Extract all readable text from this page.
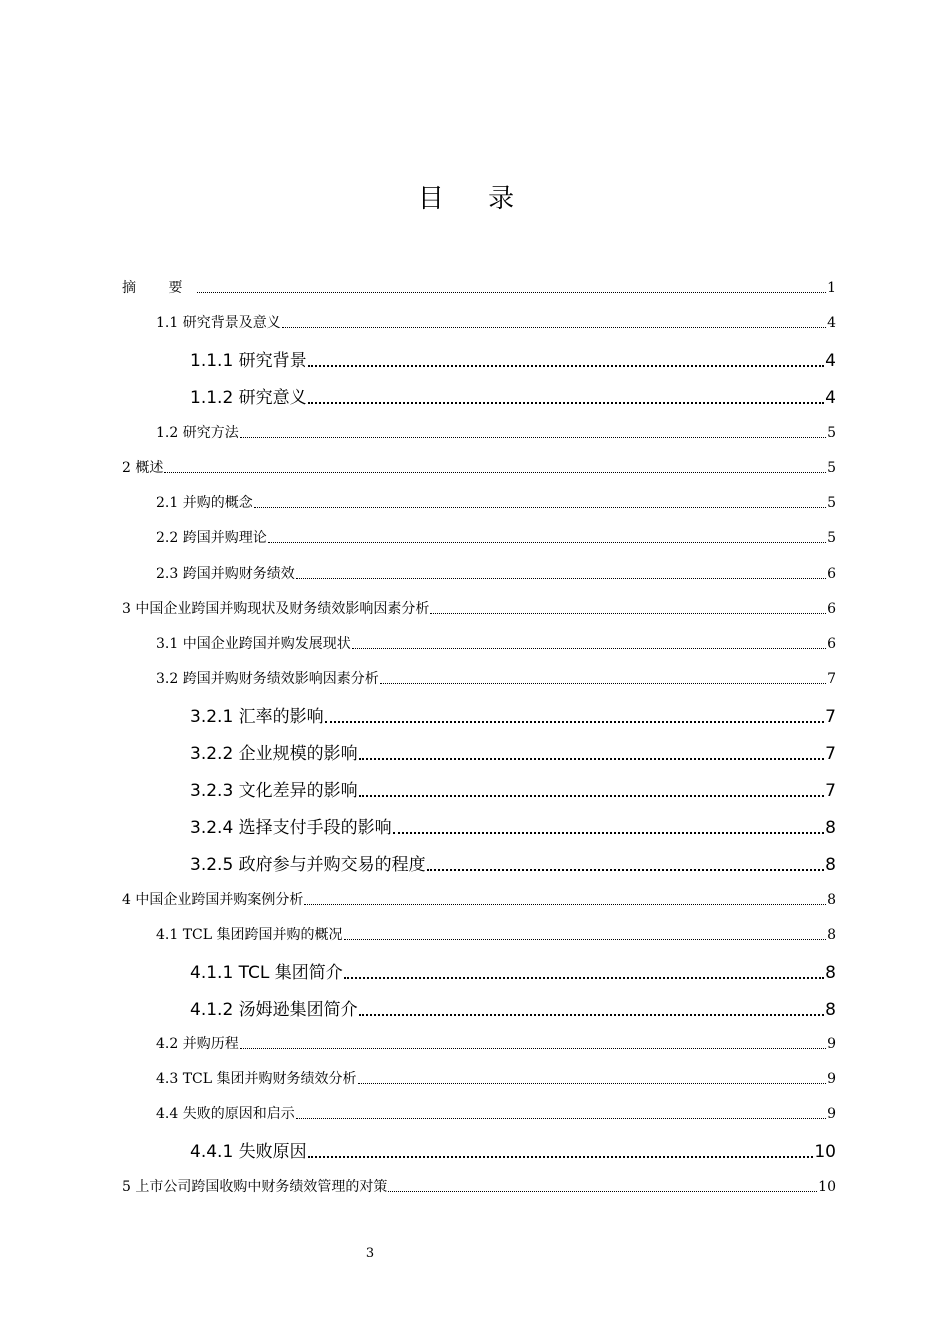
目 录
摘 要	1
1.1 研究背景及意义	4
1.1.1 研究背景	4
1.1.2 研究意义	4
1.2 研究方法	5
2 概述	5
2.1 并购的概念	5
2.2 跨国并购理论	5
2.3 跨国并购财务绩效	6
3 中国企业跨国并购现状及财务绩效影响因素分析	6
3.1 中国企业跨国并购发展现状	6
3.2 跨国并购财务绩效影响因素分析	7
3.2.1 汇率的影响	7
3.2.2 企业规模的影响	7
3.2.3 文化差异的影响	7
3.2.4 选择支付手段的影响	8
3.2.5 政府参与并购交易的程度	8
4 中国企业跨国并购案例分析	8
4.1 TCL 集团跨国并购的概况	8
4.1.1 TCL 集团简介	8
4.1.2 汤姆逊集团简介	8
4.2 并购历程	9
4.3 TCL 集团并购财务绩效分析	9
4.4 失败的原因和启示	9
4.4.1 失败原因	10
5 上市公司跨国收购中财务绩效管理的对策	10
3
